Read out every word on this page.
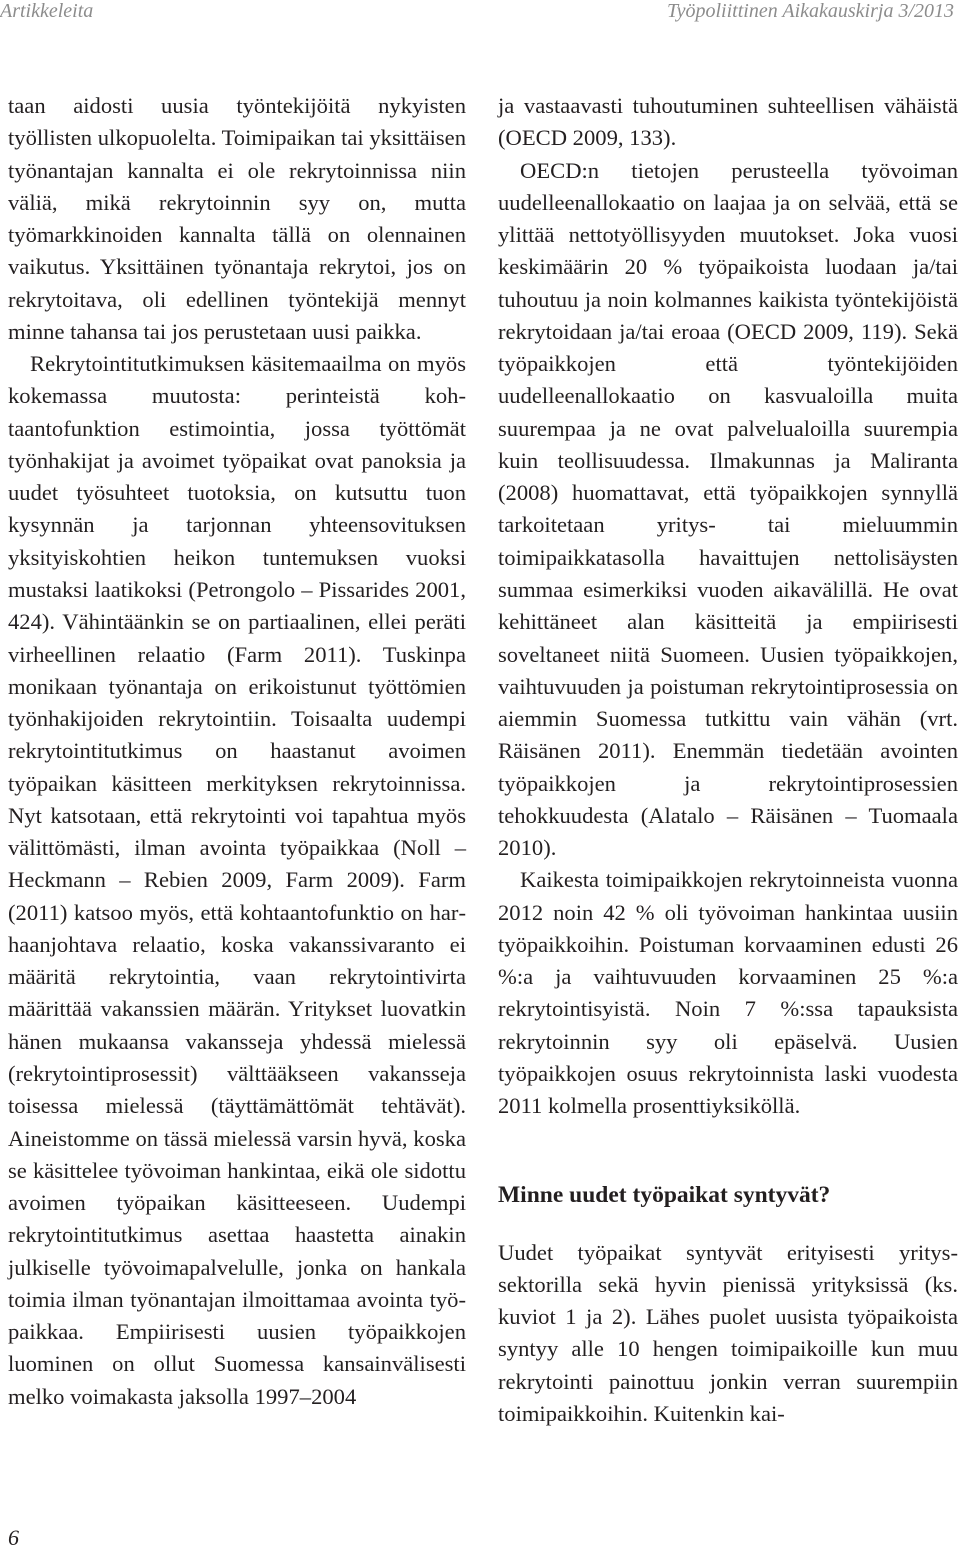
Artikkeleita	Työpoliittinen Aikakauskirja 3/2013

taan aidosti uusia työntekijöitä nykyisten työllisten ulkopuolelta. Toimipaikan tai yksittäisen työnantajan kannalta ei ole rekrytoinnissa niin väliä, mikä rekrytoinnin syy on, mutta työmarkkinoiden kannalta tällä on olennainen vaikutus. Yksittäinen työnantaja rekrytoi, jos on rekrytoitava, oli edellinen työntekijä mennyt minne tahansa tai jos perustetaan uusi paikka.

Rekrytointitutkimuksen käsitemaailma on myös kokemassa muutosta: perinteistä kohtaantofunktion estimointia, jossa työttömät työnhakijat ja avoimet työpaikat ovat panoksia ja uudet työsuhteet tuotoksia, on kutsuttu tuon kysynnän ja tarjonnan yhteensovituksen yksityiskohtien heikon tuntemuksen vuoksi mustaksi laatikoksi (Petrongolo – Pissarides 2001, 424). Vähintäänkin se on partiaalinen, ellei peräti virheellinen relaatio (Farm 2011). Tuskinpa monikaan työnantaja on erikoistunut työttömien työnhakijoiden rekrytointiin. Toisaalta uudempi rekrytointitutkimus on haastanut avoimen työpaikan käsitteen merkityksen rekrytoinnissa. Nyt katsotaan, että rekrytointi voi tapahtua myös välittömästi, ilman avointa työpaikkaa (Noll – Heckmann – Rebien 2009, Farm 2009). Farm (2011) katsoo myös, että kohtaantofunktio on harhaanjohtava relaatio, koska vakanssivaranto ei määritä rekrytointia, vaan rekrytointivirta määrittää vakanssien määrän. Yritykset luovatkin hänen mukaansa vakansseja yhdessä mielessä (rekrytointiprosessit) välttääkseen vakansseja toisessa mielessä (täyttämättömät tehtävät). Aineistomme on tässä mielessä varsin hyvä, koska se käsittelee työvoiman hankintaa, eikä ole sidottu avoimen työpaikan käsitteeseen. Uudempi rekrytointitutkimus asettaa haastetta ainakin julkiselle työvoimapalvelulle, jonka on hankala toimia ilman työnantajan ilmoittamaa avointa työpaikkaa. Empiirisesti uusien työpaikkojen luominen on ollut Suomessa kansainvälisesti melko voimakasta jaksolla 1997–2004

ja vastaavasti tuhoutuminen suhteellisen vähäistä (OECD 2009, 133).

OECD:n tietojen perusteella työvoiman uudelleenallokaatio on laajaa ja on selvää, että se ylittää nettotyöllisyyden muutokset. Joka vuosi keskimäärin 20 % työpaikoista luodaan ja/tai tuhoutuu ja noin kolmannes kaikista työntekijöistä rekrytoidaan ja/tai eroaa (OECD 2009, 119). Sekä työpaikkojen että työntekijöiden uudelleenallokaatio on kasvualoilla muita suurempaa ja ne ovat palvelualoilla suurempia kuin teollisuudessa. Ilmakunnas ja Maliranta (2008) huomattavat, että työpaikkojen synnyllä tarkoitetaan yritys- tai mieluummin toimipaikkatasolla havaittujen nettolisäysten summaa esimerkiksi vuoden aikavälillä. He ovat kehittäneet alan käsitteitä ja empiirisesti soveltaneet niitä Suomeen. Uusien työpaikkojen, vaihtuvuuden ja poistuman rekrytointiprosessia on aiemmin Suomessa tutkittu vain vähän (vrt. Räisänen 2011). Enemmän tiedetään avointen työpaikkojen ja rekrytointiprosessien tehokkuudesta (Alatalo – Räisänen – Tuomaala 2010).

Kaikesta toimipaikkojen rekrytoinneista vuonna 2012 noin 42 % oli työvoiman hankintaa uusiin työpaikkoihin. Poistuman korvaaminen edusti 26 %:a ja vaihtuvuuden korvaaminen 25 %:a rekrytointisyistä. Noin 7 %:ssa tapauksista rekrytoinnin syy oli epäselvä. Uusien työpaikkojen osuus rekrytoinnista laski vuodesta 2011 kolmella prosenttiyksiköllä.

Minne uudet työpaikat syntyvät?

Uudet työpaikat syntyvät erityisesti yrityssektorilla sekä hyvin pienissä yrityksissä (ks. kuviot 1 ja 2). Lähes puolet uusista työpaikoista syntyy alle 10 hengen toimipaikoille kun muu rekrytointi painottuu jonkin verran suurempiin toimipaikkoihin. Kuitenkin kai-

6
